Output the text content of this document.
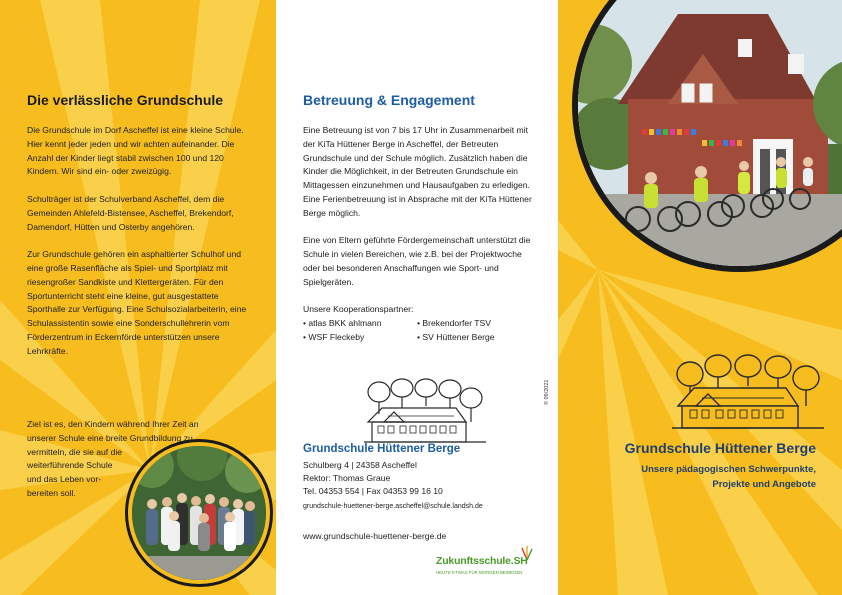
Die verlässliche Grundschule

Die Grundschule im Dorf Ascheffel ist eine kleine Schule. Hier kennt jeder jeden und wir achten aufeinander. Die Anzahl der Kinder liegt stabil zwischen 100 und 120 Kindern. Wir sind ein- oder zweizügig.

Schulträger ist der Schulverband Ascheffel, dem die Gemeinden Ahlefeld-Bistensee, Ascheffel, Brekendorf, Damendorf, Hütten und Osterby angehören.

Zur Grundschule gehören ein asphaltierter Schulhof und eine große Rasenfläche als Spiel- und Sportplatz mit riesengroßer Sandkiste und Klettergeräten. Für den Sportunterricht steht eine kleine, gut ausgestattete Sporthalle zur Verfügung. Eine Schulsozialarbeiterin, eine Schulassistentin sowie eine Sonderschullehrerin vom Förderzentrum in Eckernförde unterstützen unsere Lehrkräfte.

Ziel ist es, den Kindern während Ihrer Zeit an
unserer Schule eine breite Grundbildung zu
vermitteln, die sie auf die
weiterführende Schule
und das Leben vor-
bereiten soll.
Betreuung & Engagement

Eine Betreuung ist von 7 bis 17 Uhr in Zusammenarbeit mit der KiTa Hüttener Berge in Ascheffel, der Betreuten Grundschule und der Schule möglich. Zusätzlich haben die Kinder die Möglichkeit, in der Betreuten Grundschule ein Mittagessen einzunehmen und Hausaufgaben zu erledigen. Eine Ferienbetreuung ist in Absprache mit der KiTa Hüttener Berge möglich.

Eine von Eltern geführte Fördergemeinschaft unterstützt die Schule in vielen Bereichen, wie z.B. bei der Projektwoche oder bei besonderen Anschaffungen wie Sport- und Spielgeräten.

Unsere Kooperationspartner:
• atlas BKK ahlmann	• Brekendorfer TSV
• WSF Fleckeby	• SV Hüttener Berge
Grundschule Hüttener Berge
Schulberg 4 | 24358 Ascheffel
Rektor: Thomas Graue
Tel. 04353 554 | Fax 04353 99 16 10
grundschule-huettener-berge.ascheffel@schule.landsh.de
www.grundschule-huettener-berge.de
Zukunftsschule.SH
HEUTE ETWAS FÜR MORGEN BEWEGEN
© 09/2021
Grundschule Hüttener Berge
Unsere pädagogischen Schwerpunkte,
Projekte und Angebote
